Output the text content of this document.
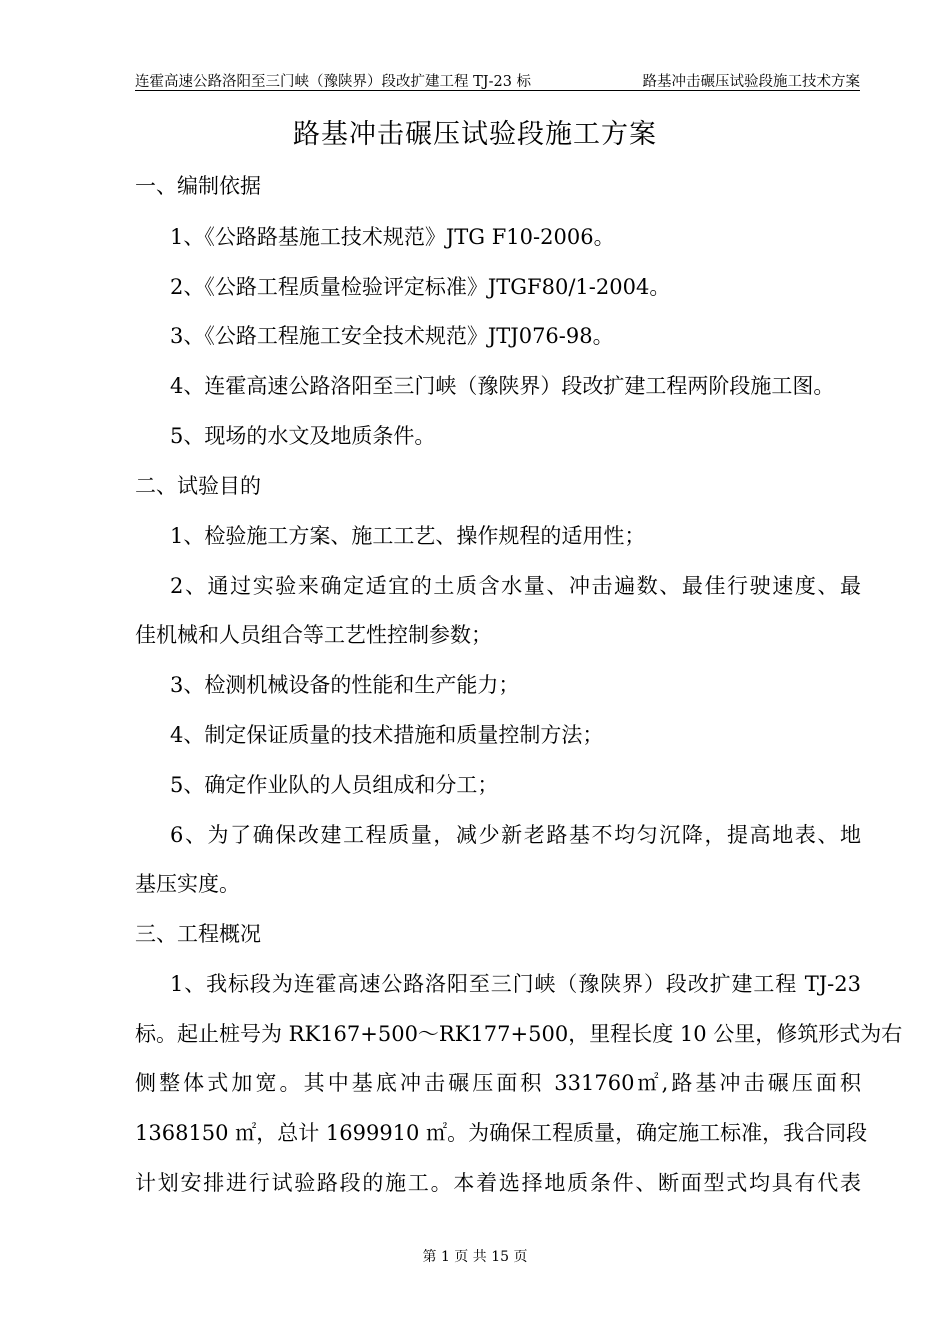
连霍高速公路洛阳至三门峡（豫陕界）段改扩建工程 TJ-23 标	路基冲击碾压试验段施工技术方案
路基冲击碾压试验段施工方案
一、编制依据
1、《公路路基施工技术规范》JTG F10-2006。
2、《公路工程质量检验评定标准》JTGF80/1-2004。
3、《公路工程施工安全技术规范》JTJ076-98。
4、连霍高速公路洛阳至三门峡（豫陕界）段改扩建工程两阶段施工图。
5、现场的水文及地质条件。
二、试验目的
1、检验施工方案、施工工艺、操作规程的适用性；
2、通过实验来确定适宜的土质含水量、冲击遍数、最佳行驶速度、最
佳机械和人员组合等工艺性控制参数；
3、检测机械设备的性能和生产能力；
4、制定保证质量的技术措施和质量控制方法；
5、确定作业队的人员组成和分工；
6、为了确保改建工程质量，减少新老路基不均匀沉降，提高地表、地
基压实度。
三、工程概况
1、我标段为连霍高速公路洛阳至三门峡（豫陕界）段改扩建工程 TJ-23
标。起止桩号为 RK167+500～RK177+500，里程长度 10 公里，修筑形式为右
侧整体式加宽。其中基底冲击碾压面积 331760㎡,路基冲击碾压面积
1368150 ㎡，总计 1699910 ㎡。为确保工程质量，确定施工标准，我合同段
计划安排进行试验路段的施工。本着选择地质条件、断面型式均具有代表
第 1 页 共 15 页
